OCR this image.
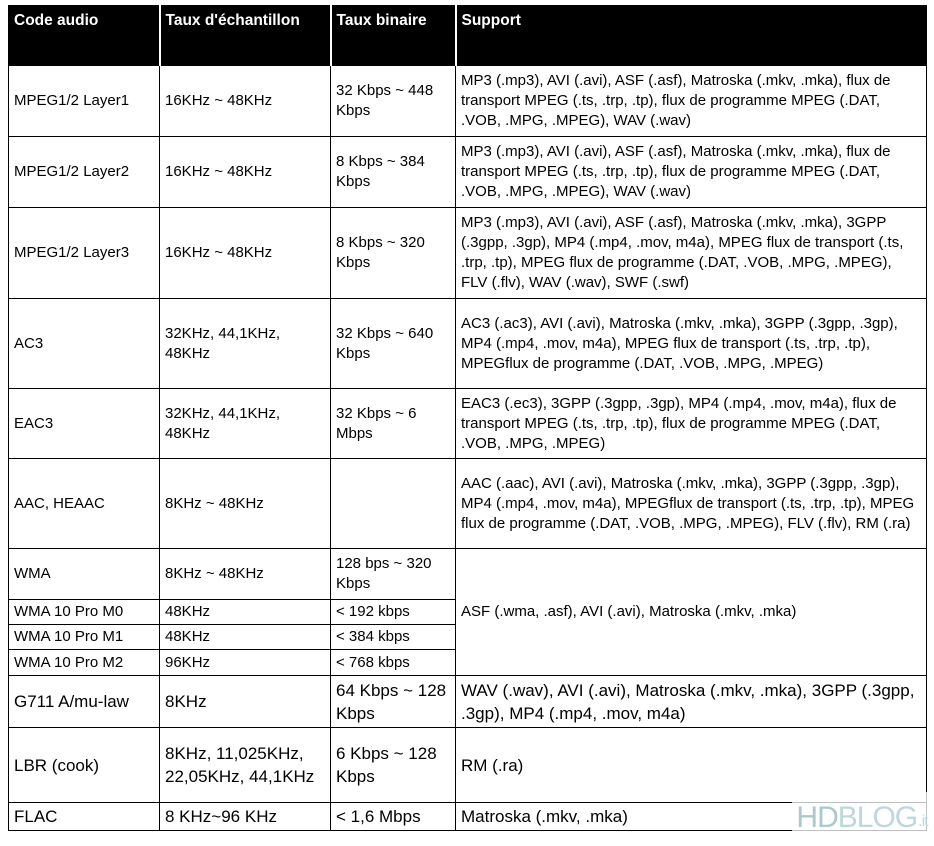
Code audio	Taux d'échantillon	Taux binaire	Support
MPEG1/2 Layer1	16KHz ~ 48KHz	32 Kbps ~ 448 Kbps	MP3 (.mp3), AVI (.avi), ASF (.asf), Matroska (.mkv, .mka), flux de transport MPEG (.ts, .trp, .tp), flux de programme MPEG (.DAT, .VOB, .MPG, .MPEG), WAV (.wav)
MPEG1/2 Layer2	16KHz ~ 48KHz	8 Kbps ~ 384 Kbps	MP3 (.mp3), AVI (.avi), ASF (.asf), Matroska (.mkv, .mka), flux de transport MPEG (.ts, .trp, .tp), flux de programme MPEG (.DAT, .VOB, .MPG, .MPEG), WAV (.wav)
MPEG1/2 Layer3	16KHz ~ 48KHz	8 Kbps ~ 320 Kbps	MP3 (.mp3), AVI (.avi), ASF (.asf), Matroska (.mkv, .mka), 3GPP (.3gpp, .3gp), MP4 (.mp4, .mov, m4a), MPEG flux de transport (.ts, .trp, .tp), MPEG flux de programme (.DAT, .VOB, .MPG, .MPEG), FLV (.flv), WAV (.wav), SWF (.swf)
AC3	32KHz, 44,1KHz, 48KHz	32 Kbps ~ 640 Kbps	AC3 (.ac3), AVI (.avi), Matroska (.mkv, .mka), 3GPP (.3gpp, .3gp), MP4 (.mp4, .mov, m4a), MPEG flux de transport (.ts, .trp, .tp), MPEGflux de programme (.DAT, .VOB, .MPG, .MPEG)
EAC3	32KHz, 44,1KHz, 48KHz	32 Kbps ~ 6 Mbps	EAC3 (.ec3), 3GPP (.3gpp, .3gp), MP4 (.mp4, .mov, m4a), flux de transport MPEG (.ts, .trp, .tp), flux de programme MPEG (.DAT, .VOB, .MPG, .MPEG)
AAC, HEAAC	8KHz ~ 48KHz		AAC (.aac), AVI (.avi), Matroska (.mkv, .mka), 3GPP (.3gpp, .3gp), MP4 (.mp4, .mov, m4a), MPEGflux de transport (.ts, .trp, .tp), MPEG flux de programme (.DAT, .VOB, .MPG, .MPEG), FLV (.flv), RM (.ra)
WMA	8KHz ~ 48KHz	128 bps ~ 320 Kbps	ASF (.wma, .asf), AVI (.avi), Matroska (.mkv, .mka)
WMA 10 Pro M0	48KHz	< 192 kbps	
WMA 10 Pro M1	48KHz	< 384 kbps	
WMA 10 Pro M2	96KHz	< 768 kbps	
G711 A/mu-law	8KHz	64 Kbps ~ 128 Kbps	WAV (.wav), AVI (.avi), Matroska (.mkv, .mka), 3GPP (.3gpp, .3gp), MP4 (.mp4, .mov, m4a)
LBR (cook)	8KHz, 11,025KHz, 22,05KHz, 44,1KHz	6 Kbps ~ 128 Kbps	RM (.ra)
FLAC	8 KHz~96 KHz	< 1,6 Mbps	Matroska (.mkv, .mka)	HD BLOG .it
